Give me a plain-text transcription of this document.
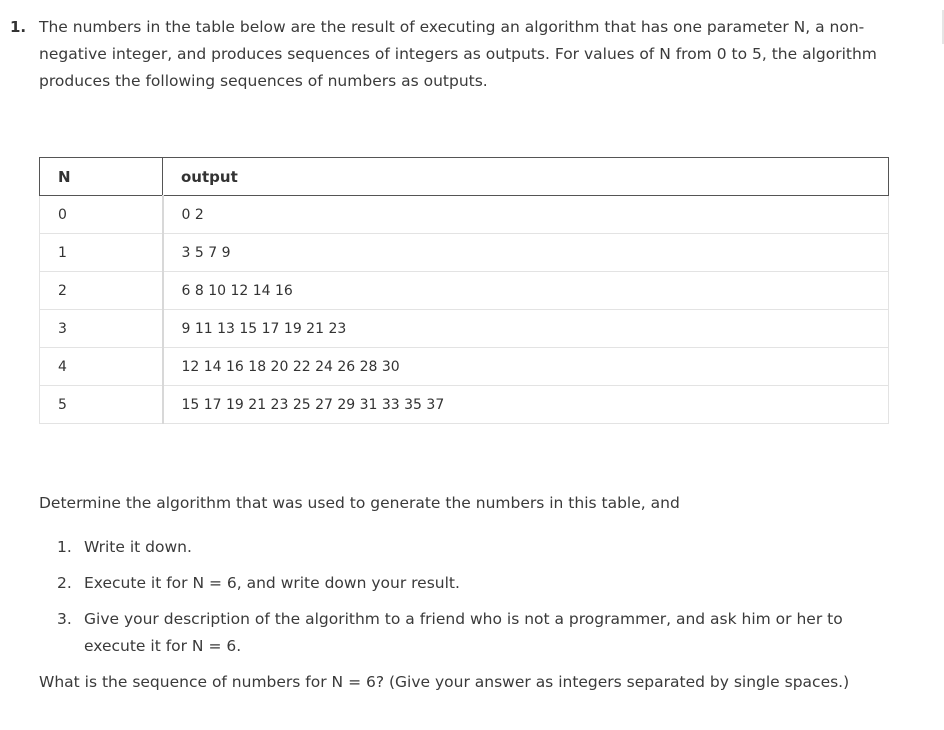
1. The numbers in the table below are the result of executing an algorithm that has one parameter N, a non-negative integer, and produces sequences of integers as outputs. For values of N from 0 to 5, the algorithm produces the following sequences of numbers as outputs.
N	output
0	0 2
1	3 5 7 9
2	6 8 10 12 14 16
3	9 11 13 15 17 19 21 23
4	12 14 16 18 20 22 24 26 28 30
5	15 17 19 21 23 25 27 29 31 33 35 37

Determine the algorithm that was used to generate the numbers in this table, and

1. Write it down.
2. Execute it for N = 6, and write down your result.
3. Give your description of the algorithm to a friend who is not a programmer, and ask him or her to execute it for N = 6.

What is the sequence of numbers for N = 6? (Give your answer as integers separated by single spaces.)
